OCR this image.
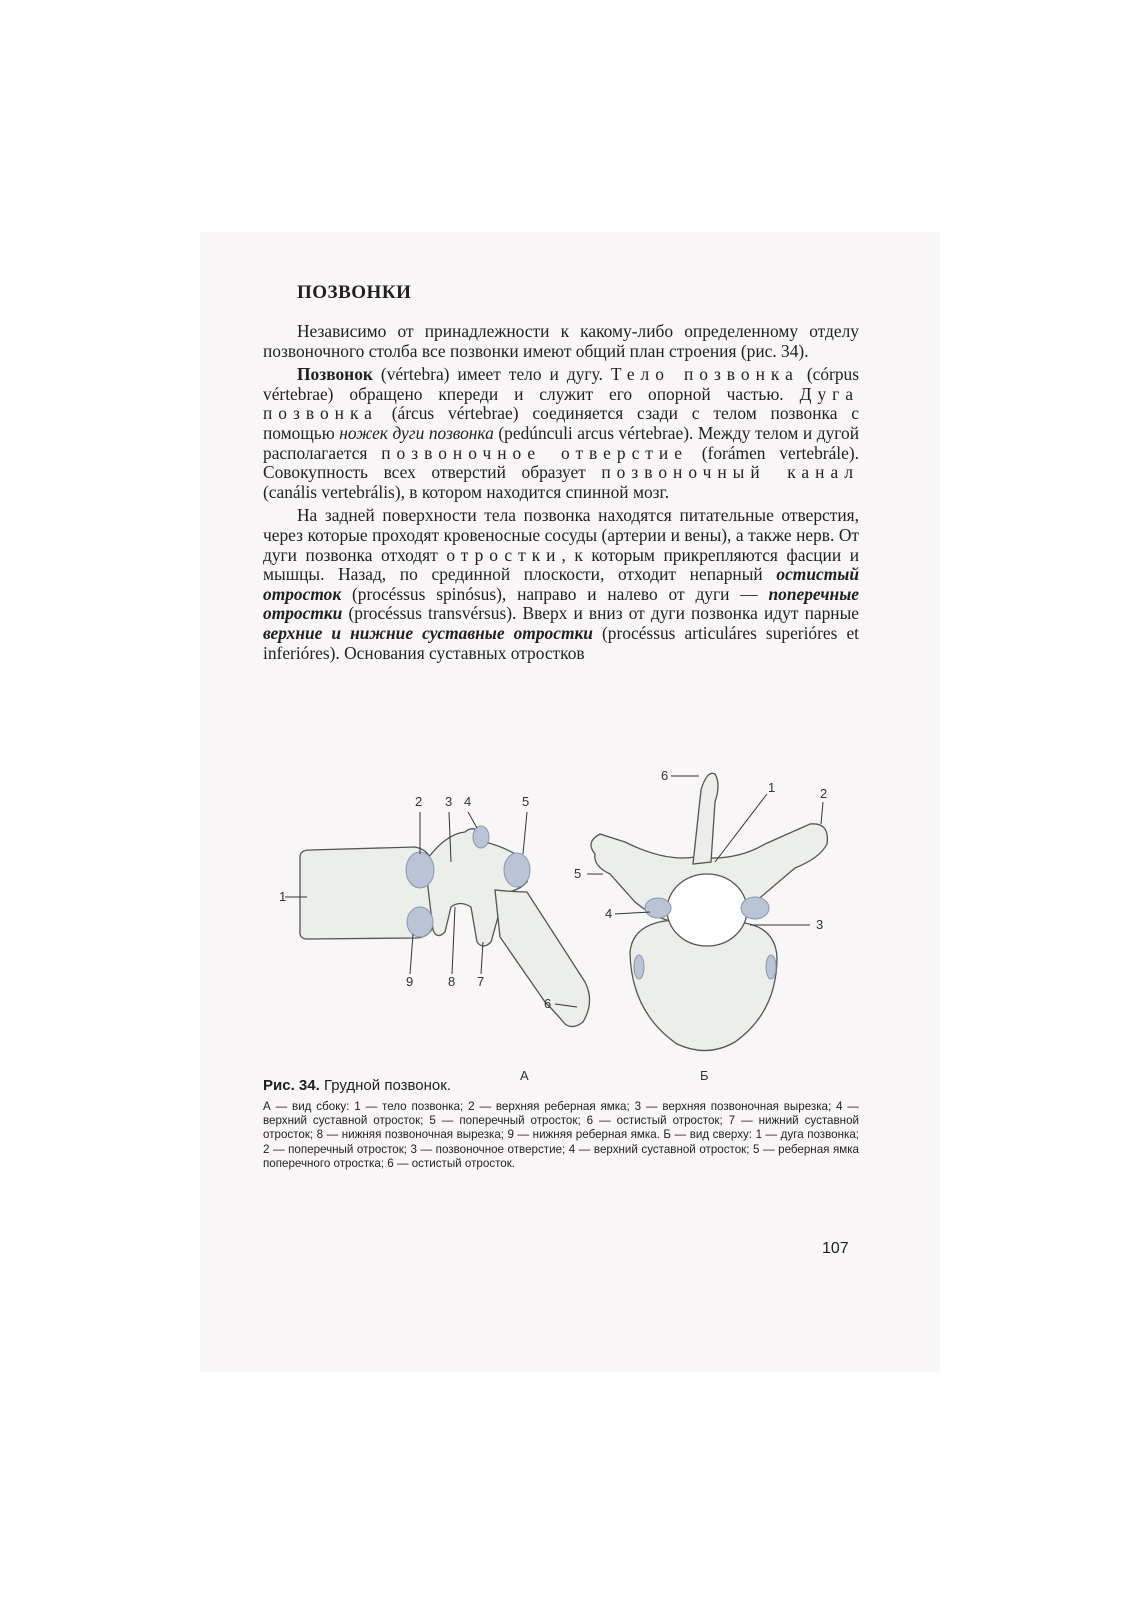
ПОЗВОНКИ

Независимо от принадлежности к какому-либо определенному отделу позвоночного столба все позвонки имеют общий план строения (рис. 34).

Позвонок (vértebra) имеет тело и дугу. Тело позвонка (córpus vértebrae) обращено кпереди и служит его опорной частью. Дуга позвонка (árcus vértebrae) соединяется сзади с телом позвонка с помощью ножек дуги позвонка (pedúnculi arcus vértebrae). Между телом и дугой располагается позвоночное отверстие (forámen vertebrále). Совокупность всех отверстий образует позвоночный канал (canális vertebrális), в котором находится спинной мозг.

На задней поверхности тела позвонка находятся питательные отверстия, через которые проходят кровеносные сосуды (артерии и вены), а также нерв. От дуги позвонка отходят отростки, к которым прикрепляются фасции и мышцы. Назад, по срединной плоскости, отходит непарный остистый отросток (procéssus spinósus), направо и налево от дуги — поперечные отростки (procéssus transvérsus). Вверх и вниз от дуги позвонка идут парные верхние и нижние суставные отростки (procéssus articuláres superióres et inferióres). Основания суставных отростков

1
2 3 4	5
6
7
8
9
А
1	2
3
4
5
6
Б

Рис. 34. Грудной позвонок.

А — вид сбоку: 1 — тело позвонка; 2 — верхняя реберная ямка; 3 — верхняя позвоночная вырезка; 4 — верхний суставной отросток; 5 — поперечный отросток; 6 — остистый отросток; 7 — нижний суставной отросток; 8 — нижняя позвоночная вырезка; 9 — нижняя реберная ямка. Б — вид сверху: 1 — дуга позвонка; 2 — поперечный отросток; 3 — позвоночное отверстие; 4 — верхний суставной отросток; 5 — реберная ямка поперечного отростка; 6 — остистый отросток.

107
